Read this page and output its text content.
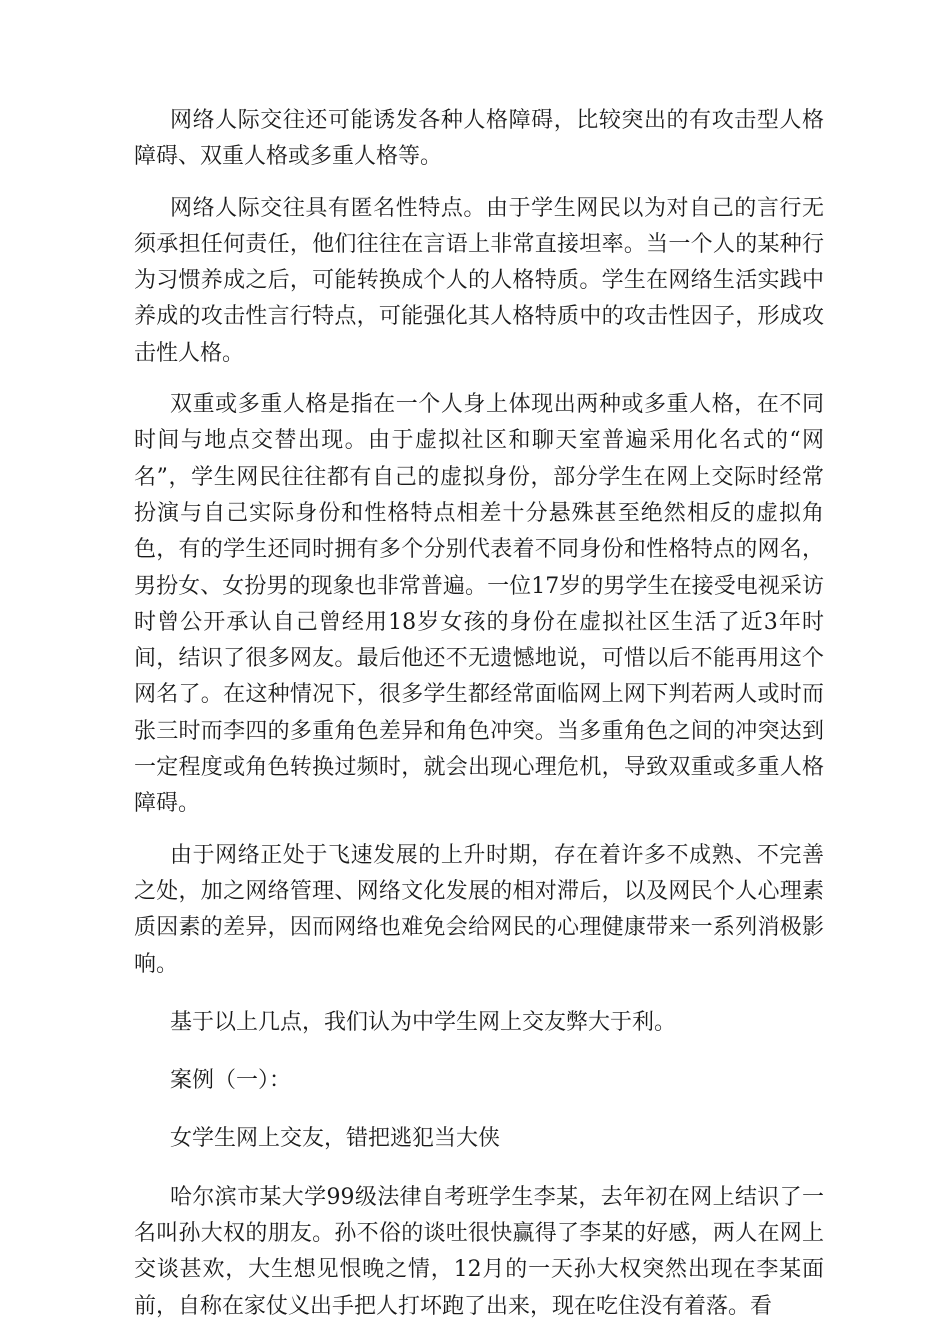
网络人际交往还可能诱发各种人格障碍，比较突出的有攻击型人格障碍、双重人格或多重人格等。

网络人际交往具有匿名性特点。由于学生网民以为对自己的言行无须承担任何责任，他们往往在言语上非常直接坦率。当一个人的某种行为习惯养成之后，可能转换成个人的人格特质。学生在网络生活实践中养成的攻击性言行特点，可能强化其人格特质中的攻击性因子，形成攻击性人格。

双重或多重人格是指在一个人身上体现出两种或多重人格，在不同时间与地点交替出现。由于虚拟社区和聊天室普遍采用化名式的“网名”，学生网民往往都有自己的虚拟身份，部分学生在网上交际时经常扮演与自己实际身份和性格特点相差十分悬殊甚至绝然相反的虚拟角色，有的学生还同时拥有多个分别代表着不同身份和性格特点的网名，男扮女、女扮男的现象也非常普遍。一位17岁的男学生在接受电视采访时曾公开承认自己曾经用18岁女孩的身份在虚拟社区生活了近3年时间，结识了很多网友。最后他还不无遗憾地说，可惜以后不能再用这个网名了。在这种情况下，很多学生都经常面临网上网下判若两人或时而张三时而李四的多重角色差异和角色冲突。当多重角色之间的冲突达到一定程度或角色转换过频时，就会出现心理危机，导致双重或多重人格障碍。

由于网络正处于飞速发展的上升时期，存在着许多不成熟、不完善之处，加之网络管理、网络文化发展的相对滞后，以及网民个人心理素质因素的差异，因而网络也难免会给网民的心理健康带来一系列消极影响。

基于以上几点，我们认为中学生网上交友弊大于利。

案例（一）：

女学生网上交友，错把逃犯当大侠

哈尔滨市某大学99级法律自考班学生李某，去年初在网上结识了一名叫孙大权的朋友。孙不俗的谈吐很快赢得了李某的好感，两人在网上交谈甚欢，大生想见恨晚之情，12月的一天孙大权突然出现在李某面前，自称在家仗义出手把人打坏跑了出来，现在吃住没有着落。看
